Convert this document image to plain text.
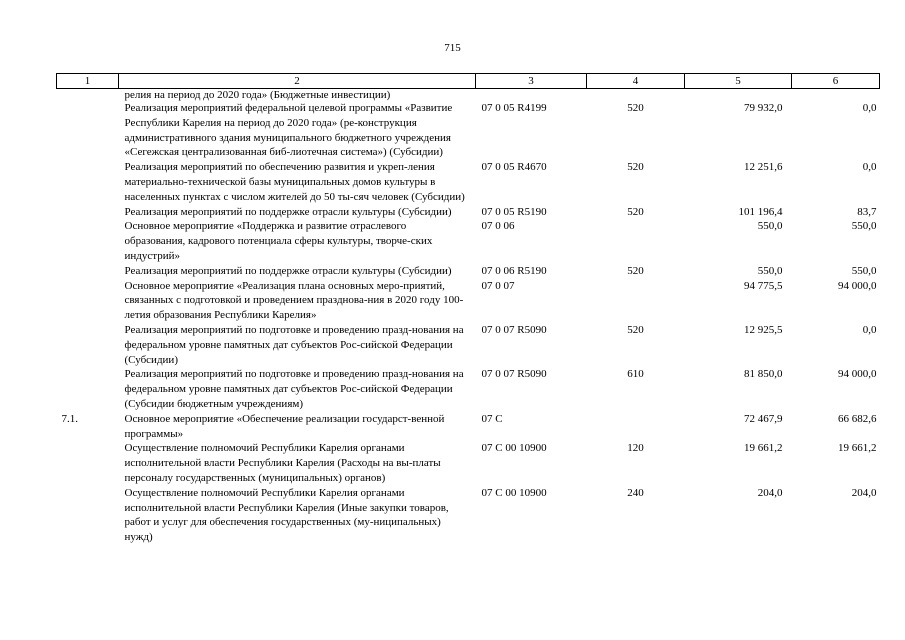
715
1	2	3	4	5	6
	релия на период до 2020 года» (Бюджетные инвестиции)				
	Реализация мероприятий федеральной целевой программы «Развитие Республики Карелия на период до 2020 года» (ре-конструкция административного здания муниципального бюджетного учреждения «Сегежская централизованная биб-лиотечная система») (Субсидии)	07 0 05 R4199	520	79 932,0	0,0
	Реализация мероприятий по обеспечению развития и укреп-ления материально-технической базы муниципальных домов культуры в населенных пунктах с числом жителей до 50 ты-сяч человек (Субсидии)	07 0 05 R4670	520	12 251,6	0,0
	Реализация мероприятий по поддержке отрасли культуры (Субсидии)	07 0 05 R5190	520	101 196,4	83,7
	Основное мероприятие «Поддержка и развитие отраслевого образования, кадрового потенциала сферы культуры, творче-ских индустрий»	07 0 06		550,0	550,0
	Реализация мероприятий по поддержке отрасли культуры (Субсидии)	07 0 06 R5190	520	550,0	550,0
	Основное мероприятие «Реализация плана основных меро-приятий, связанных с подготовкой и проведением празднова-ния в 2020 году 100-летия образования Республики Карелия»	07 0 07		94 775,5	94 000,0
	Реализация мероприятий по подготовке и проведению празд-нования на федеральном уровне памятных дат субъектов Рос-сийской Федерации (Субсидии)	07 0 07 R5090	520	12 925,5	0,0
	Реализация мероприятий по подготовке и проведению празд-нования на федеральном уровне памятных дат субъектов Рос-сийской Федерации (Субсидии бюджетным учреждениям)	07 0 07 R5090	610	81 850,0	94 000,0
7.1.	Основное мероприятие «Обеспечение реализации государст-венной программы»	07 С		72 467,9	66 682,6
	Осуществление полномочий Республики Карелия органами исполнительной власти Республики Карелия (Расходы на вы-платы персоналу государственных (муниципальных) органов)	07 С 00 10900	120	19 661,2	19 661,2
	Осуществление полномочий Республики Карелия органами исполнительной власти Республики Карелия (Иные закупки товаров, работ и услуг для обеспечения государственных (му-ниципальных) нужд)	07 С 00 10900	240	204,0	204,0
